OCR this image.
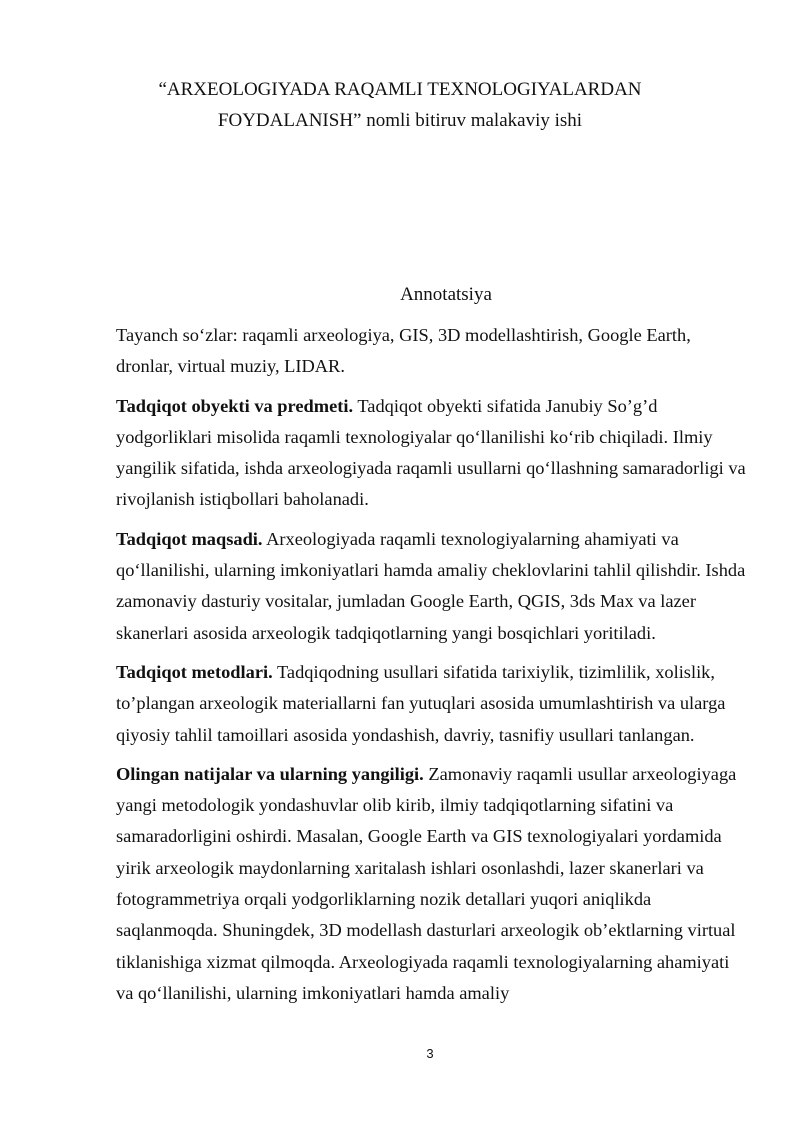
“ARXEOLOGIYADA RAQAMLI TEXNOLOGIYALARDAN
FOYDALANISH” nomli bitiruv malakaviy ishi
Annotatsiya

Tayanch so‘zlar: raqamli arxeologiya, GIS, 3D modellashtirish, Google Earth, dronlar, virtual muziy, LIDAR.

Tadqiqot obyekti va predmeti. Tadqiqot obyekti sifatida Janubiy So’g’d yodgorliklari misolida raqamli texnologiyalar qo‘llanilishi ko‘rib chiqiladi. Ilmiy yangilik sifatida, ishda arxeologiyada raqamli usullarni qo‘llashning samaradorligi va rivojlanish istiqbollari baholanadi.

Tadqiqot maqsadi. Arxeologiyada raqamli texnologiyalarning ahamiyati va qo‘llanilishi, ularning imkoniyatlari hamda amaliy cheklovlarini tahlil qilishdir. Ishda zamonaviy dasturiy vositalar, jumladan Google Earth, QGIS, 3ds Max va lazer skanerlari asosida arxeologik tadqiqotlarning yangi bosqichlari yoritiladi.

Tadqiqot metodlari. Tadqiqodning usullari sifatida tarixiylik, tizimlilik, xolislik, to’plangan arxeologik materiallarni fan yutuqlari asosida umumlashtirish va ularga qiyosiy tahlil tamoillari asosida yondashish, davriy, tasnifiy usullari tanlangan.

Olingan natijalar va ularning yangiligi. Zamonaviy raqamli usullar arxeologiyaga yangi metodologik yondashuvlar olib kirib, ilmiy tadqiqotlarning sifatini va samaradorligini oshirdi. Masalan, Google Earth va GIS texnologiyalari yordamida yirik arxeologik maydonlarning xaritalash ishlari osonlashdi, lazer skanerlari va fotogrammetriya orqali yodgorliklarning nozik detallari yuqori aniqlikda saqlanmoqda. Shuningdek, 3D modellash dasturlari arxeologik ob’ektlarning virtual tiklanishiga xizmat qilmoqda. Arxeologiyada raqamli texnologiyalarning ahamiyati va qo‘llanilishi, ularning imkoniyatlari hamda amaliy

3
